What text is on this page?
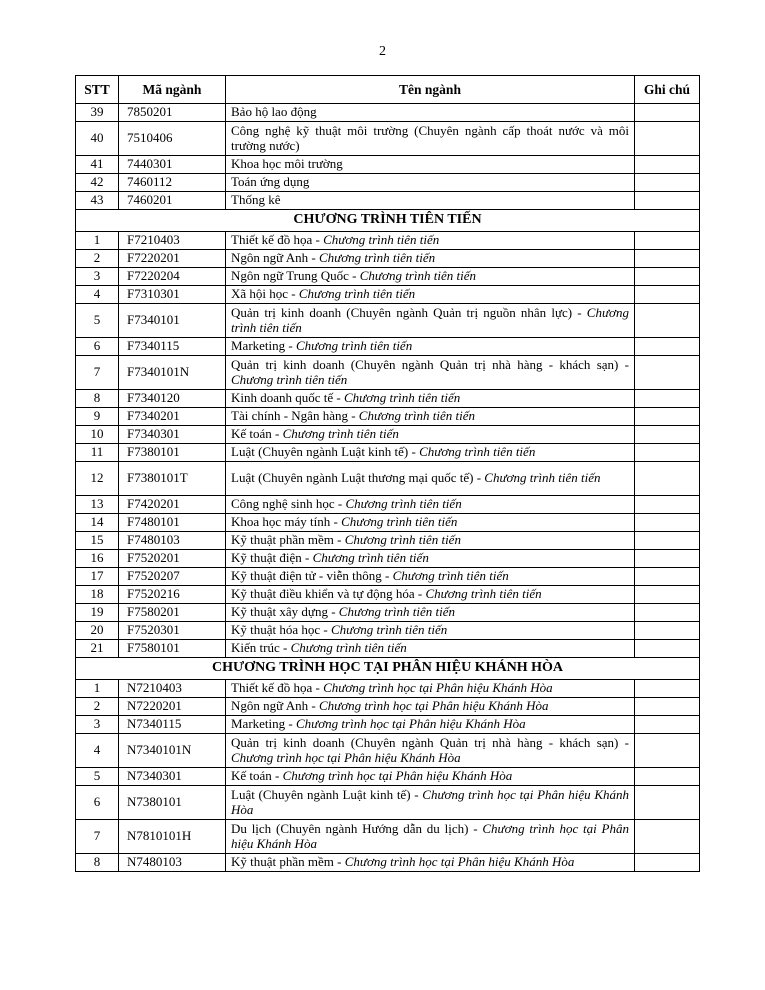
2
STT	Mã ngành	Tên ngành	Ghi chú
39	7850201	Bảo hộ lao động	
40	7510406	Công nghệ kỹ thuật môi trường (Chuyên ngành cấp thoát nước và môi trường nước)	
41	7440301	Khoa học môi trường	
42	7460112	Toán ứng dụng	
43	7460201	Thống kê	
CHƯƠNG TRÌNH TIÊN TIẾN			
1	F7210403	Thiết kế đồ họa - Chương trình tiên tiến	
2	F7220201	Ngôn ngữ Anh - Chương trình tiên tiến	
3	F7220204	Ngôn ngữ Trung Quốc - Chương trình tiên tiến	
4	F7310301	Xã hội học - Chương trình tiên tiến	
5	F7340101	Quản trị kinh doanh (Chuyên ngành Quản trị nguồn nhân lực) - Chương trình tiên tiến	
6	F7340115	Marketing - Chương trình tiên tiến	
7	F7340101N	Quản trị kinh doanh (Chuyên ngành Quản trị nhà hàng - khách sạn) - Chương trình tiên tiến	
8	F7340120	Kinh doanh quốc tế - Chương trình tiên tiến	
9	F7340201	Tài chính - Ngân hàng - Chương trình tiên tiến	
10	F7340301	Kế toán - Chương trình tiên tiến	
11	F7380101	Luật (Chuyên ngành Luật kinh tế) - Chương trình tiên tiến	
12	F7380101T	Luật (Chuyên ngành Luật thương mại quốc tế) - Chương trình tiên tiến	
13	F7420201	Công nghệ sinh học - Chương trình tiên tiến	
14	F7480101	Khoa học máy tính - Chương trình tiên tiến	
15	F7480103	Kỹ thuật phần mềm - Chương trình tiên tiến	
16	F7520201	Kỹ thuật điện - Chương trình tiên tiến	
17	F7520207	Kỹ thuật điện tử - viễn thông - Chương trình tiên tiến	
18	F7520216	Kỹ thuật điều khiển và tự động hóa - Chương trình tiên tiến	
19	F7580201	Kỹ thuật xây dựng - Chương trình tiên tiến	
20	F7520301	Kỹ thuật hóa học - Chương trình tiên tiến	
21	F7580101	Kiến trúc - Chương trình tiên tiến	
CHƯƠNG TRÌNH HỌC TẠI PHÂN HIỆU KHÁNH HÒA			
1	N7210403	Thiết kế đồ họa - Chương trình học tại Phân hiệu Khánh Hòa	
2	N7220201	Ngôn ngữ Anh - Chương trình học tại Phân hiệu Khánh Hòa	
3	N7340115	Marketing - Chương trình học tại Phân hiệu Khánh Hòa	
4	N7340101N	Quản trị kinh doanh (Chuyên ngành Quản trị nhà hàng - khách sạn) - Chương trình học tại Phân hiệu Khánh Hòa	
5	N7340301	Kế toán - Chương trình học tại Phân hiệu Khánh Hòa	
6	N7380101	Luật (Chuyên ngành Luật kinh tế) - Chương trình học tại Phân hiệu Khánh Hòa	
7	N7810101H	Du lịch (Chuyên ngành Hướng dẫn du lịch) - Chương trình học tại Phân hiệu Khánh Hòa	
8	N7480103	Kỹ thuật phần mềm - Chương trình học tại Phân hiệu Khánh Hòa	
